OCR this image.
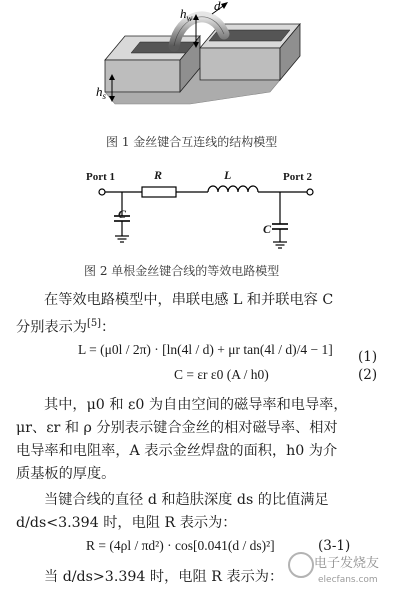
$h_w$
d
$h_s$
图 1 金丝键合互连线的结构模型
Port 1	Port 2
R	L
C
C
图 2 单根金丝键合线的等效电路模型
在等效电路模型中，串联电感 L 和并联电容 C
分别表示为[5]：
L = (μ0l / 2π) · [ln(4l / d) + μr tan(4l / d)/4 − 1] (1)
C = εr ε0 (A / h0)	(2)
其中，μ0 和 ε0 为自由空间的磁导率和电导率，
μr、εr 和 ρ 分别表示键合金丝的相对磁导率、相对
电导率和电阻率，A 表示金丝焊盘的面积，h0 为介
质基板的厚度。
当键合线的直径 d 和趋肤深度 ds 的比值满足
d/ds<3.394 时，电阻 R 表示为：
R = (4ρl / πd²) · cos[0.041(d / ds)²]	(3-1)
当 d/ds>3.394 时，电阻 R 表示为：
电子发烧友
elecfans.com
